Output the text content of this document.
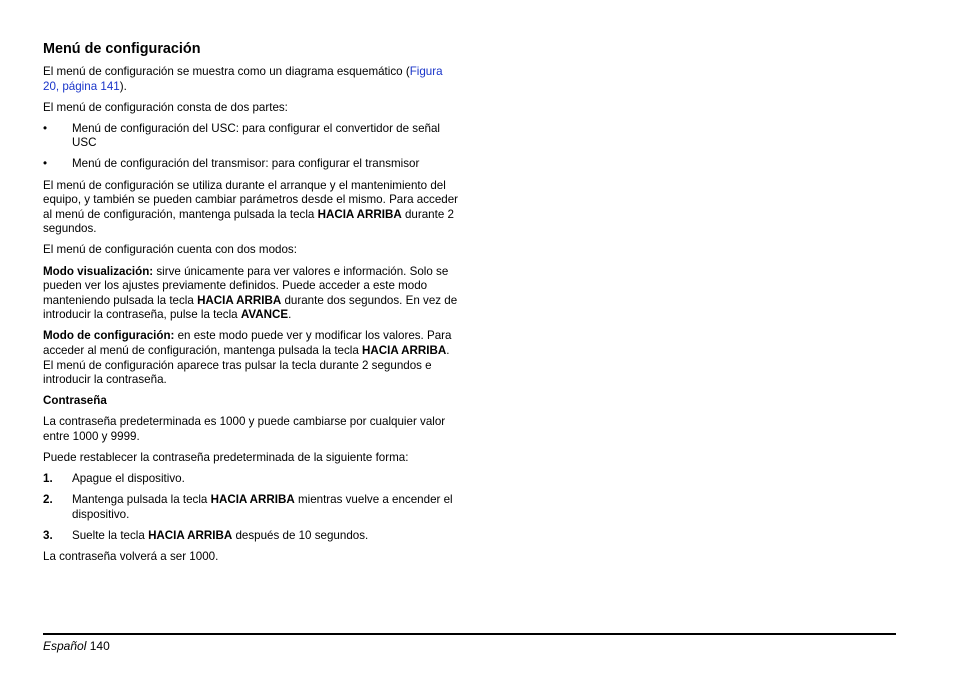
Menú de configuración

El menú de configuración se muestra como un diagrama esquemático (Figura 20, página 141).

El menú de configuración consta de dos partes:

•	Menú de configuración del USC: para configurar el convertidor de señal USC
•	Menú de configuración del transmisor: para configurar el transmisor

El menú de configuración se utiliza durante el arranque y el mantenimiento del equipo, y también se pueden cambiar parámetros desde el mismo. Para acceder al menú de configuración, mantenga pulsada la tecla HACIA ARRIBA durante 2 segundos.

El menú de configuración cuenta con dos modos:

Modo visualización: sirve únicamente para ver valores e información. Solo se pueden ver los ajustes previamente definidos. Puede acceder a este modo manteniendo pulsada la tecla HACIA ARRIBA durante dos segundos. En vez de introducir la contraseña, pulse la tecla AVANCE.

Modo de configuración: en este modo puede ver y modificar los valores. Para acceder al menú de configuración, mantenga pulsada la tecla HACIA ARRIBA. El menú de configuración aparece tras pulsar la tecla durante 2 segundos e introducir la contraseña.

Contraseña

La contraseña predeterminada es 1000 y puede cambiarse por cualquier valor entre 1000 y 9999.

Puede restablecer la contraseña predeterminada de la siguiente forma:

1.	Apague el dispositivo.
2.	Mantenga pulsada la tecla HACIA ARRIBA mientras vuelve a encender el dispositivo.
3.	Suelte la tecla HACIA ARRIBA después de 10 segundos.

La contraseña volverá a ser 1000.

Español 140
